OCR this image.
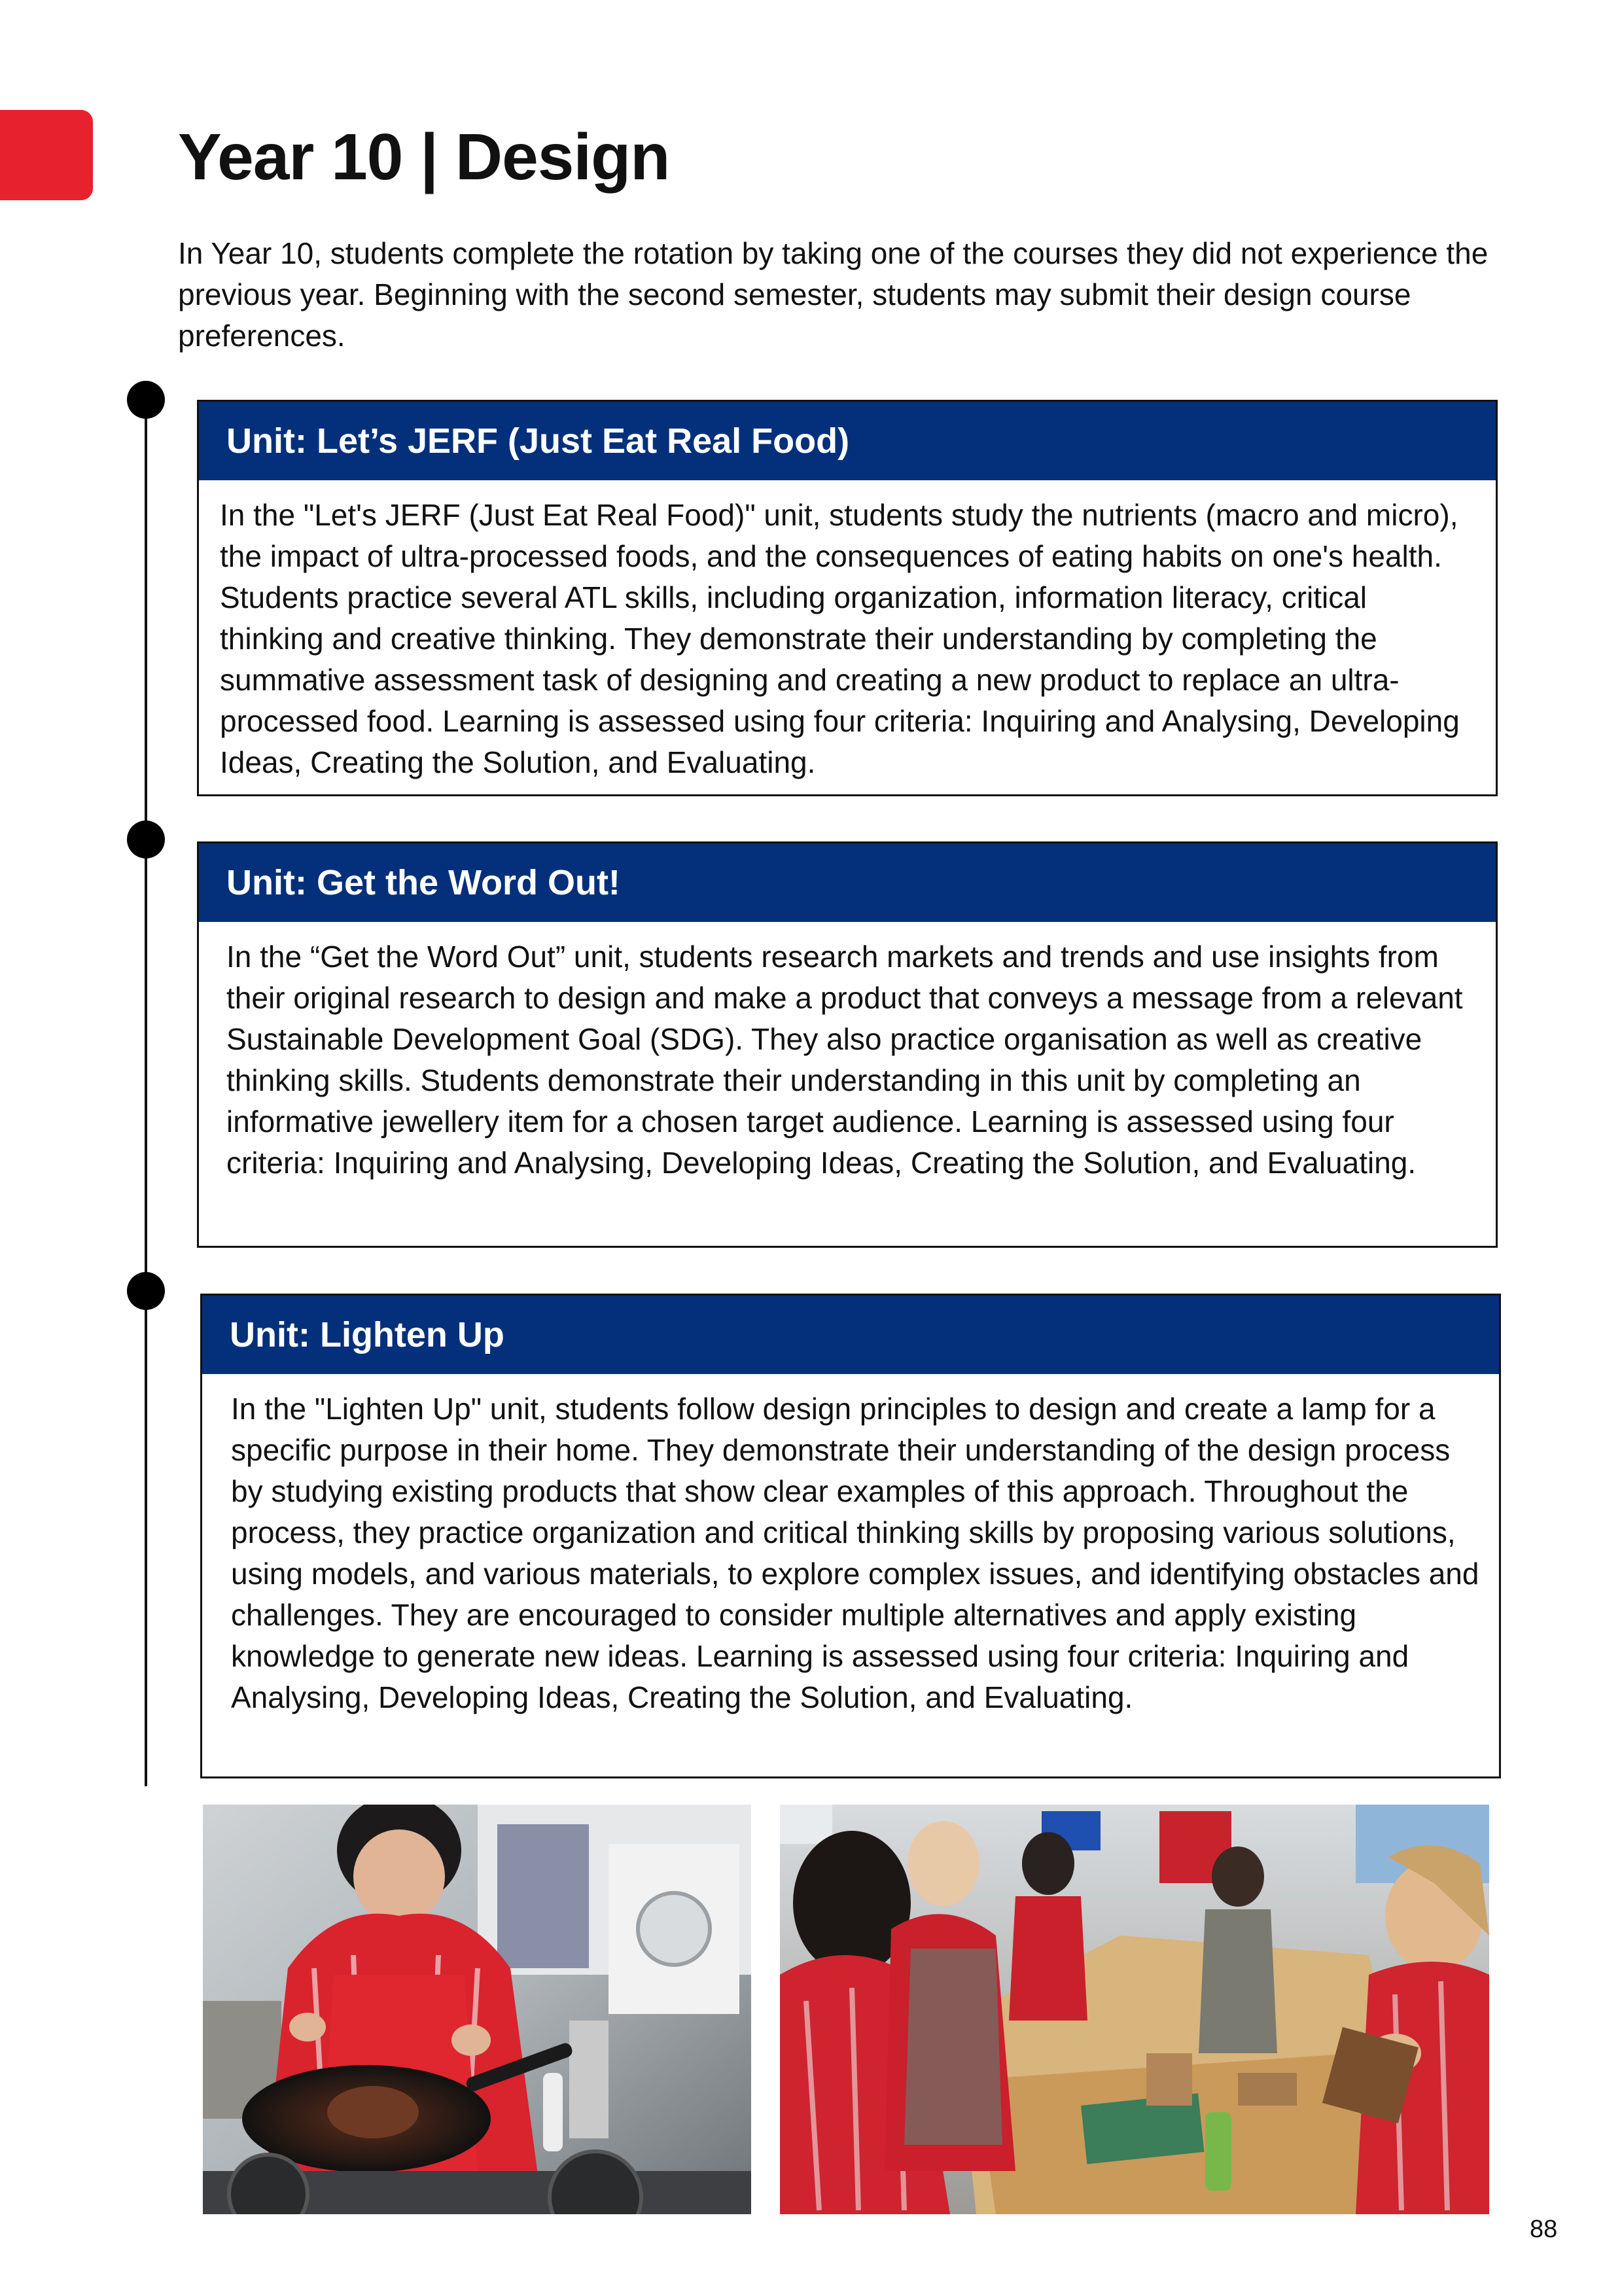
Year 10 | Design

In Year 10, students complete the rotation by taking one of the courses they did not experience the previous year. Beginning with the second semester, students may submit their design course preferences.

Unit: Let’s JERF (Just Eat Real Food)

In the "Let's JERF (Just Eat Real Food)" unit, students study the nutrients (macro and micro), the impact of ultra-processed foods, and the consequences of eating habits on one's health. Students practice several ATL skills, including organization, information literacy, critical thinking and creative thinking. They demonstrate their understanding by completing the summative assessment task of designing and creating a new product to replace an ultra-processed food. Learning is assessed using four criteria: Inquiring and Analysing, Developing Ideas, Creating the Solution, and Evaluating.

Unit: Get the Word Out!

In the “Get the Word Out” unit, students research markets and trends and use insights from their original research to design and make a product that conveys a message from a relevant Sustainable Development Goal (SDG). They also practice organisation as well as creative thinking skills. Students demonstrate their understanding in this unit by completing an informative jewellery item for a chosen target audience. Learning is assessed using four criteria: Inquiring and Analysing, Developing Ideas, Creating the Solution, and Evaluating.

Unit: Lighten Up

In the "Lighten Up" unit, students follow design principles to design and create a lamp for a specific purpose in their home. They demonstrate their understanding of the design process by studying existing products that show clear examples of this approach. Throughout the process, they practice organization and critical thinking skills by proposing various solutions, using models, and various materials, to explore complex issues, and identifying obstacles and challenges. They are encouraged to consider multiple alternatives and apply existing knowledge to generate new ideas. Learning is assessed using four criteria: Inquiring and Analysing, Developing Ideas, Creating the Solution, and Evaluating.

88
